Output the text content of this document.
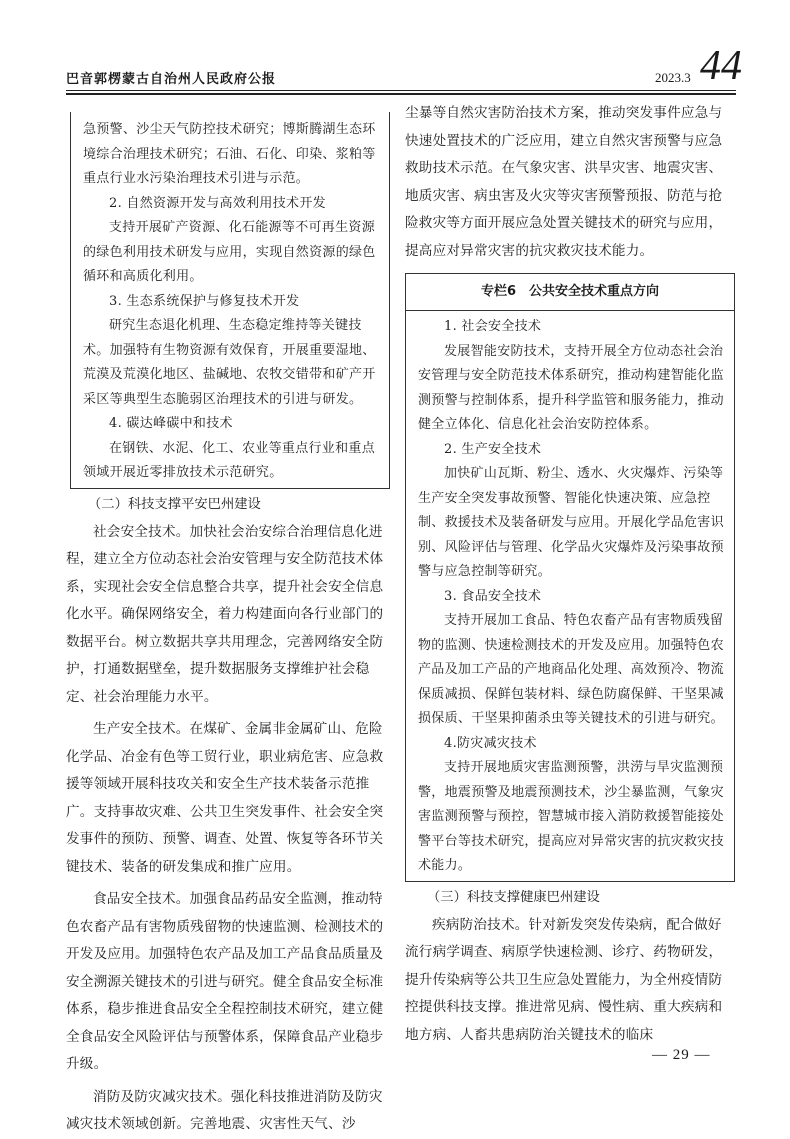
巴音郭楞蒙古自治州人民政府公报	2023.3 44

急预警、沙尘天气防控技术研究；博斯腾湖生态环境综合治理技术研究；石油、石化、印染、浆粕等重点行业水污染治理技术引进与示范。

2. 自然资源开发与高效利用技术开发

支持开展矿产资源、化石能源等不可再生资源的绿色利用技术研发与应用，实现自然资源的绿色循环和高质化利用。

3. 生态系统保护与修复技术开发

研究生态退化机理、生态稳定维持等关键技术。加强特有生物资源有效保育，开展重要湿地、荒漠及荒漠化地区、盐碱地、农牧交错带和矿产开采区等典型生态脆弱区治理技术的引进与研发。

4. 碳达峰碳中和技术

在钢铁、水泥、化工、农业等重点行业和重点领域开展近零排放技术示范研究。

（二）科技支撑平安巴州建设

社会安全技术。加快社会治安综合治理信息化进程，建立全方位动态社会治安管理与安全防范技术体系，实现社会安全信息整合共享，提升社会安全信息化水平。确保网络安全，着力构建面向各行业部门的数据平台。树立数据共享共用理念，完善网络安全防护，打通数据壁垒，提升数据服务支撑维护社会稳定、社会治理能力水平。

生产安全技术。在煤矿、金属非金属矿山、危险化学品、冶金有色等工贸行业，职业病危害、应急救援等领域开展科技攻关和安全生产技术装备示范推广。支持事故灾难、公共卫生突发事件、社会安全突发事件的预防、预警、调查、处置、恢复等各环节关键技术、装备的研发集成和推广应用。

食品安全技术。加强食品药品安全监测，推动特色农畜产品有害物质残留物的快速监测、检测技术的开发及应用。加强特色农产品及加工产品食品质量及安全溯源关键技术的引进与研究。健全食品安全标准体系，稳步推进食品安全全程控制技术研究，建立健全食品安全风险评估与预警体系，保障食品产业稳步升级。

消防及防灾减灾技术。强化科技推进消防及防灾减灾技术领域创新。完善地震、灾害性天气、沙

尘暴等自然灾害防治技术方案，推动突发事件应急与快速处置技术的广泛应用，建立自然灾害预警与应急救助技术示范。在气象灾害、洪旱灾害、地震灾害、地质灾害、病虫害及火灾等灾害预警预报、防范与抢险救灾等方面开展应急处置关键技术的研究与应用，提高应对异常灾害的抗灾救灾技术能力。

专栏6　公共安全技术重点方向

1. 社会安全技术

发展智能安防技术，支持开展全方位动态社会治安管理与安全防范技术体系研究，推动构建智能化监测预警与控制体系，提升科学监管和服务能力，推动健全立体化、信息化社会治安防控体系。

2. 生产安全技术

加快矿山瓦斯、粉尘、透水、火灾爆炸、污染等生产安全突发事故预警、智能化快速决策、应急控制、救援技术及装备研发与应用。开展化学品危害识别、风险评估与管理、化学品火灾爆炸及污染事故预警与应急控制等研究。

3. 食品安全技术

支持开展加工食品、特色农畜产品有害物质残留物的监测、快速检测技术的开发及应用。加强特色农产品及加工产品的产地商品化处理、高效预冷、物流保质减损、保鲜包装材料、绿色防腐保鲜、干坚果减损保质、干坚果抑菌杀虫等关键技术的引进与研究。

4.防灾减灾技术

支持开展地质灾害监测预警，洪涝与旱灾监测预警，地震预警及地震预测技术，沙尘暴监测，气象灾害监测预警与预控，智慧城市接入消防救援智能接处警平台等技术研究，提高应对异常灾害的抗灾救灾技术能力。

（三）科技支撑健康巴州建设

疾病防治技术。针对新发突发传染病，配合做好流行病学调查、病原学快速检测、诊疗、药物研发，提升传染病等公共卫生应急处置能力，为全州疫情防控提供科技支撑。推进常见病、慢性病、重大疾病和地方病、人畜共患病防治关键技术的临床

— 29 —
